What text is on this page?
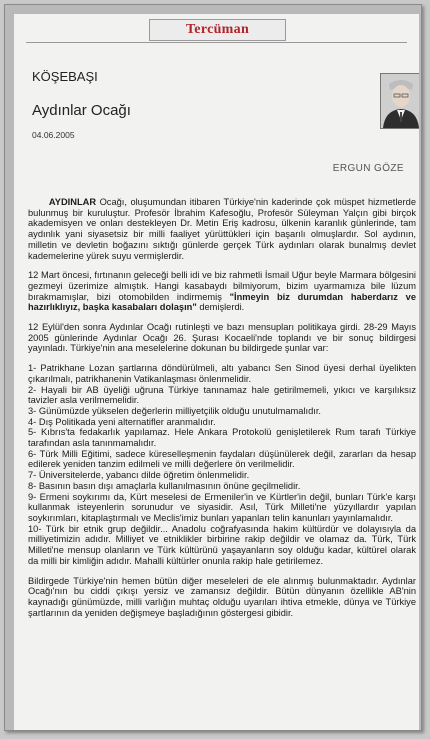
Tercüman
KÖŞEBAŞI
Aydınlar Ocağı
04.06.2005
ERGUN GÖZE

AYDINLAR Ocağı, oluşumundan itibaren Türkiye'nin kaderinde çok müspet hizmetlerde bulunmuş bir kuruluştur. Profesör İbrahim Kafesoğlu, Profesör Süleyman Yalçın gibi birçok akademisyen ve onları destekleyen Dr. Metin Eriş kadrosu, ülkenin karanlık günlerinde, tam aydınlık yani siyasetsiz bir milli faaliyet yürüttükleri için başarılı olmuşlardır. Sol aydının, milletin ve devletin boğazını sıktığı günlerde gerçek Türk aydınları olarak bunalmış devlet kademelerine yürek suyu vermişlerdir.

12 Mart öncesi, fırtınanın geleceği belli idi ve biz rahmetli İsmail Uğur beyle Marmara bölgesini gezmeyi üzerimize almıştık. Hangi kasabaydı bilmiyorum, bizim uyarmamıza bile lüzum bırakmamışlar, bizi otomobilden indirmemiş "İnmeyin biz durumdan haberdarız ve hazırlıklıyız, başka kasabaları dolaşın" demişlerdi.

12 Eylül'den sonra Aydınlar Ocağı rutinleşti ve bazı mensupları politikaya girdi. 28-29 Mayıs 2005 günlerinde Aydınlar Ocağı 26. Şurası Kocaeli'nde toplandı ve bir sonuç bildirgesi yayınladı. Türkiye'nin ana meselelerine dokunan bu bildirgede şunlar var:

1- Patrikhane Lozan şartlarına döndürülmeli, altı yabancı Sen Sinod üyesi derhal üyelikten çıkarılmalı, patrikhanenin Vatikanlaşması önlenmelidir.
2- Hayali bir AB üyeliği uğruna Türkiye tanınamaz hale getirilmemeli, yıkıcı ve karşılıksız tavizler asla verilmemelidir.
3- Günümüzde yükselen değerlerin milliyetçilik olduğu unutulmamalıdır.
4- Dış Politikada yeni alternatifler aranmalıdır.
5- Kıbrıs'ta fedakarlık yapılamaz. Hele Ankara Protokolü genişletilerek Rum tarafı Türkiye tarafından asla tanınmamalıdır.
6- Türk Milli Eğitimi, sadece küreselleşmenin faydaları düşünülerek değil, zararları da hesap edilerek yeniden tanzim edilmeli ve milli değerlere ön verilmelidir.
7- Üniversitelerde, yabancı dilde öğretim önlenmelidir.
8- Basının basın dışı amaçlarla kullanılmasının önüne geçilmelidir.
9- Ermeni soykırımı da, Kürt meselesi de Ermeniler'in ve Kürtler'in değil, bunları Türk'e karşı kullanmak isteyenlerin sorunudur ve siyasidir. Asıl, Türk Milleti'ne yüzyıllardır yapılan soykırımları, kitaplaştırmalı ve Meclis'imiz bunları yapanları telin kanunları yayınlamalıdır.
10- Türk bir etnik grup değildir... Anadolu coğrafyasında hakim kültürdür ve dolayısıyla da milliyetimizin adıdır. Milliyet ve etniklikler birbirine rakip değildir ve olamaz da. Türk, Türk Milleti'ne mensup olanların ve Türk kültürünü yaşayanların soy olduğu kadar, kültürel olarak da milli bir kimliğin adıdır. Mahalli kültürler onunla rakip hale getirilemez.

Bildirgede Türkiye'nin hemen bütün diğer meseleleri de ele alınmış bulunmaktadır. Aydınlar Ocağı'nın bu ciddi çıkışı yersiz ve zamansız değildir. Bütün dünyanın özellikle AB'nin kaynadığı günümüzde, milli varlığın muhtaç olduğu uyarıları ihtiva etmekle, dünya ve Türkiye şartlarının da yeniden değişmeye başladığının göstergesi gibidir.
